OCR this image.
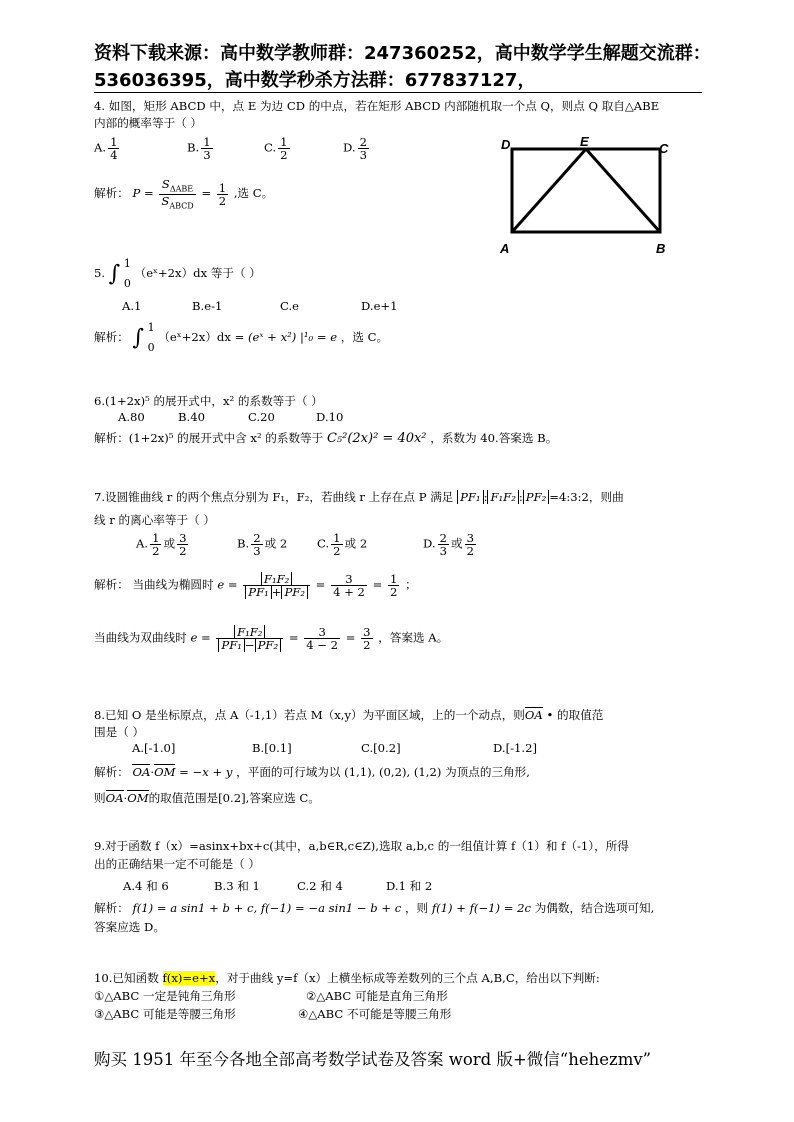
资料下载来源：高中数学教师群：247360252，高中数学学生解题交流群：
536036395，高中数学秒杀方法群：677837127，
4. 如图，矩形 ABCD 中，点 E 为边 CD 的中点，若在矩形 ABCD 内部随机取一个点 Q，则点 Q 取自△ABE
内部的概率等于（ ）
A. $\frac{1}{4}$	B. $\frac{1}{3}$	C. $\frac{1}{2}$	D. $\frac{2}{3}$
解析： $P = \frac{S_{\Delta ABE}}{S_{ABCD}} = \frac{1}{2}$ ,选 C。
D	E	C
A	B
5. ∫ 1
0
（eˣ+2x）dx 等于（ ）
A.1	B.e-1	C.e	D.e+1
解析： ∫ 1
0
（eˣ+2x）dx = (eˣ + x²) |¹₀ = e ，选 C。
6.(1+2x)⁵ 的展开式中，x² 的系数等于（ ）
A.80	B.40	C.20	D.10
解析：(1+2x)⁵ 的展开式中含 x² 的系数等于 C₅²(2x)² = 40x² ，系数为 40.答案选 B。
7.设圆锥曲线 r 的两个焦点分别为 F₁，F₂，若曲线 r 上存在点 P 满足 PF₁ : F₁F₂ : PF₂ =4:3:2，则曲
线 r 的离心率等于（ ）
A. $\frac{1}{2}$ 或 $\frac{3}{2}$	B. $\frac{2}{3}$ 或 2	C. $\frac{1}{2}$ 或 2	D. $\frac{2}{3}$ 或 $\frac{3}{2}$
解析： 当曲线为椭圆时 $e = \frac{\text{F₁F₂}}{\text{PF₁ + PF₂}} = \frac{3}{4 + 2} = \frac{1}{2}$ ；
当曲线为双曲线时 $e = \frac{\text{F₁F₂}}{\text{PF₁ − PF₂}} = \frac{3}{4 - 2} = \frac{3}{2}$ ，答案选 A。
8.已知 O 是坐标原点，点 A（-1,1）若点 M（x,y）为平面区域，上的一个动点，则OA • 的取值范
围是（ ）
A.[-1.0]	B.[0.1]	C.[0.2]	D.[-1.2]
解析： OA·OM = −x + y ，平面的可行域为以 (1,1), (0,2), (1,2) 为顶点的三角形,
则OA·OM的取值范围是[0.2],答案应选 C。
9.对于函数 f（x）=asinx+bx+c(其中，a,b∈R,c∈Z),选取 a,b,c 的一组值计算 f（1）和 f（-1），所得
出的正确结果一定不可能是（ ）
A.4 和 6	B.3 和 1	C.2 和 4	D.1 和 2
解析： f(1) = a sin1 + b + c, f(−1) = −a sin1 − b + c ，则 f(1) + f(−1) = 2c 为偶数，结合选项可知,
答案应选 D。
10.已知函数 f(x)=e+x，对于曲线 y=f（x）上横坐标成等差数列的三个点 A,B,C，给出以下判断:
①△ABC 一定是钝角三角形	②△ABC 可能是直角三角形
③△ABC 可能是等腰三角形	④△ABC 不可能是等腰三角形
购买 1951 年至今各地全部高考数学试卷及答案 word 版+微信“hehezmv”
